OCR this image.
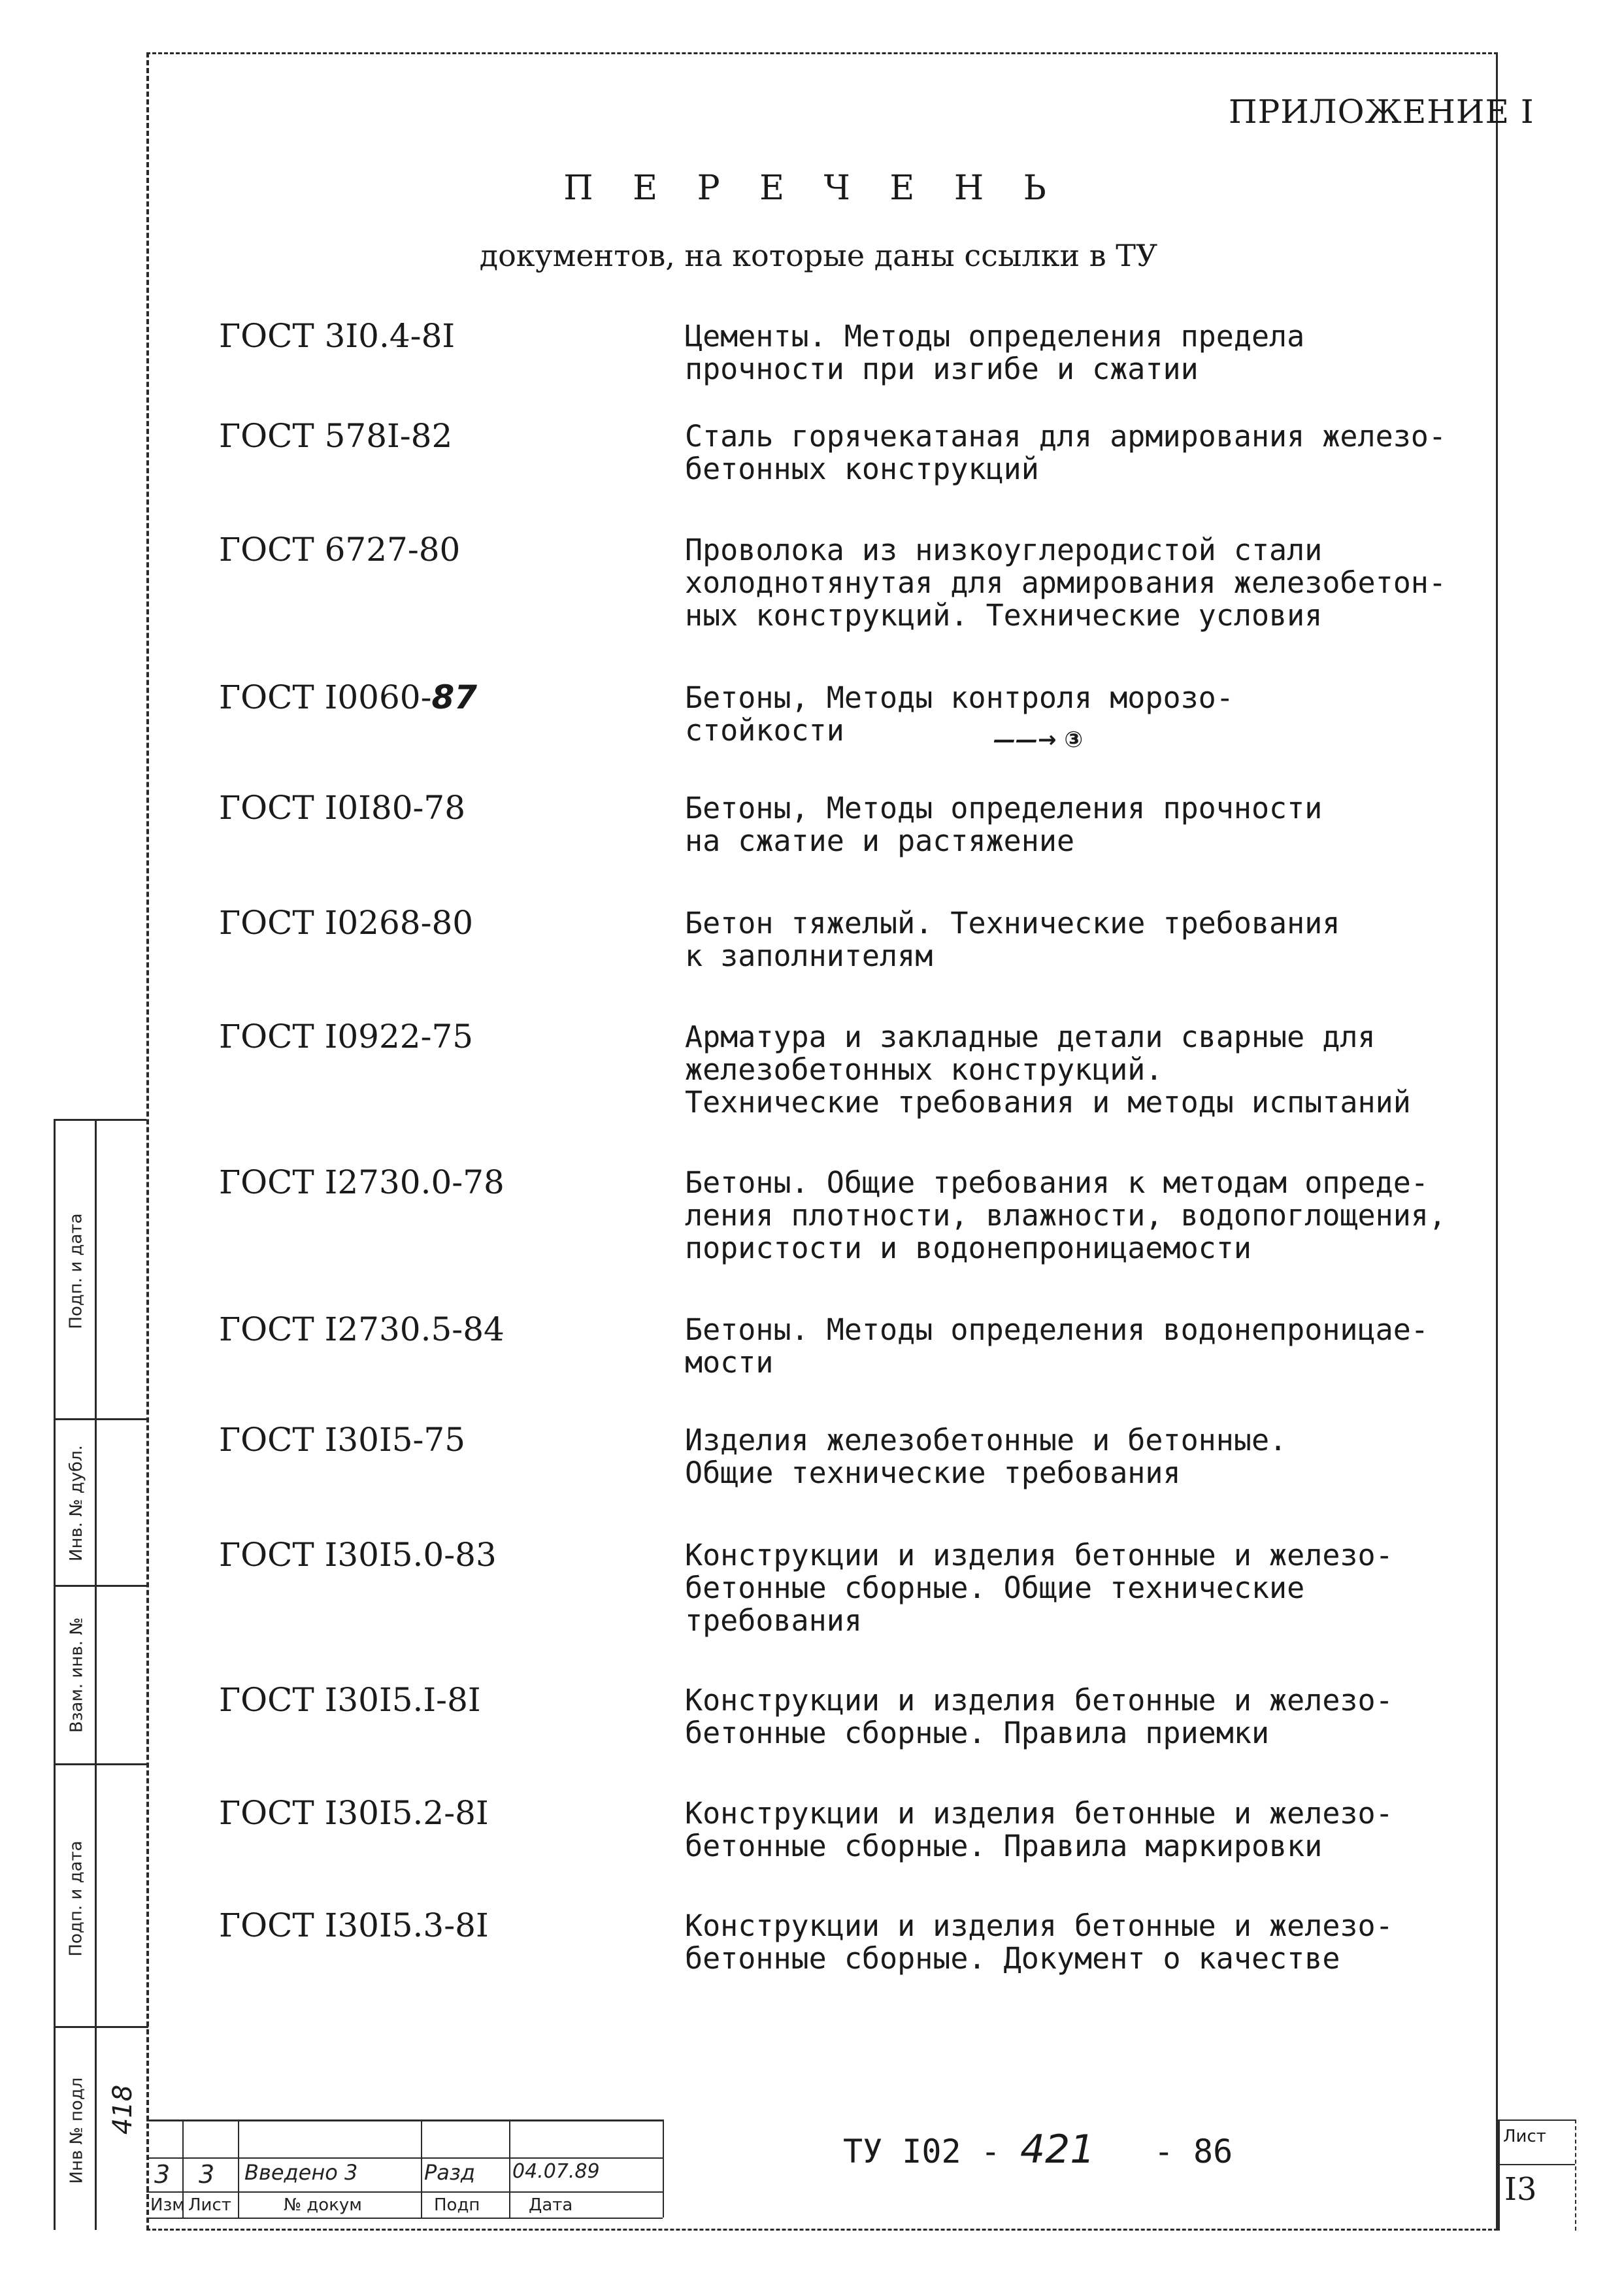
ПРИЛОЖЕНИЕ I
П Е Р Е Ч Е Н Ь
документов, на которые даны ссылки в ТУ
ГОСТ 3I0.4-8I	Цементы. Методы определения предела
прочности при изгибе и сжатии
ГОСТ 578I-82	Сталь горячекатаная для армирования железо-
бетонных конструкций
ГОСТ 6727-80	Проволока из низкоуглеродистой стали
холоднотянутая для армирования железобетон-
ных конструкций. Технические условия
ГОСТ I0060-87	Бетоны, Методы контроля морозо-
стойкости	——→ ③
ГОСТ I0I80-78	Бетоны, Методы определения прочности
на сжатие и растяжение
ГОСТ I0268-80	Бетон тяжелый. Технические требования
к заполнителям
ГОСТ I0922-75	Арматура и закладные детали сварные для
железобетонных конструкций.
Технические требования и методы испытаний
ГОСТ I2730.0-78	Бетоны. Общие требования к методам опреде-
ления плотности, влажности, водопоглощения,
пористости и водонепроницаемости
ГОСТ I2730.5-84	Бетоны. Методы определения водонепроницае-
мости
ГОСТ I30I5-75	Изделия железобетонные и бетонные.
Общие технические требования
ГОСТ I30I5.0-83	Конструкции и изделия бетонные и железо-
бетонные сборные. Общие технические
требования
ГОСТ I30I5.I-8I	Конструкции и изделия бетонные и железо-
бетонные сборные. Правила приемки
ГОСТ I30I5.2-8I	Конструкции и изделия бетонные и железо-
бетонные сборные. Правила маркировки
ГОСТ I30I5.3-8I	Конструкции и изделия бетонные и железо-
бетонные сборные. Документ о качестве
Подп. и дата
Инв. № дубл.
Взам. инв. №
Подп. и дата
Инв № подл 418
3 3 Введено 3	Разд 04.07.89
Изм Лист	№ докум	Подп	Дата
ТУ I02 - 421 - 86	Лист
I3
